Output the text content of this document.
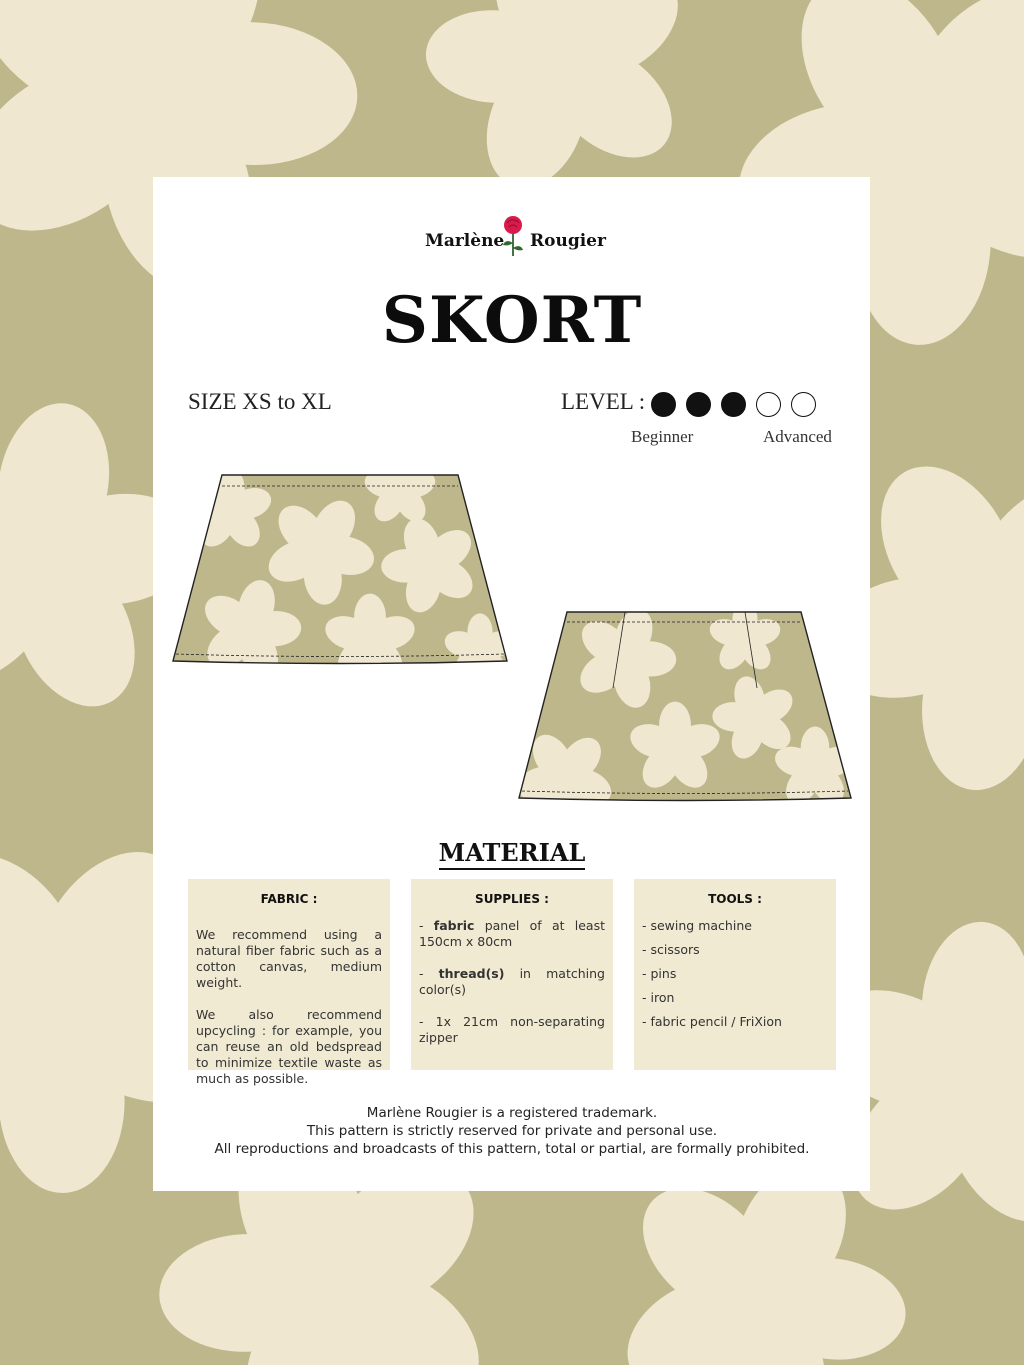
Marlène Rougier
SKORT
SIZE XS to XL	LEVEL :
Beginner	Advanced
MATERIAL
FABRIC :

We recommend using a natural fiber fabric such as a cotton canvas, medium weight.

We also recommend upcycling : for example, you can reuse an old bedspread to minimize textile waste as much as possible.

SUPPLIES :

- fabric panel of at least 150cm x 80cm

- thread(s) in matching color(s)

- 1x 21cm non-separating zipper

TOOLS :

- sewing machine

- scissors

- pins

- iron

- fabric pencil / FriXion

Marlène Rougier is a registered trademark.
This pattern is strictly reserved for private and personal use.
All reproductions and broadcasts of this pattern, total or partial, are formally prohibited.
